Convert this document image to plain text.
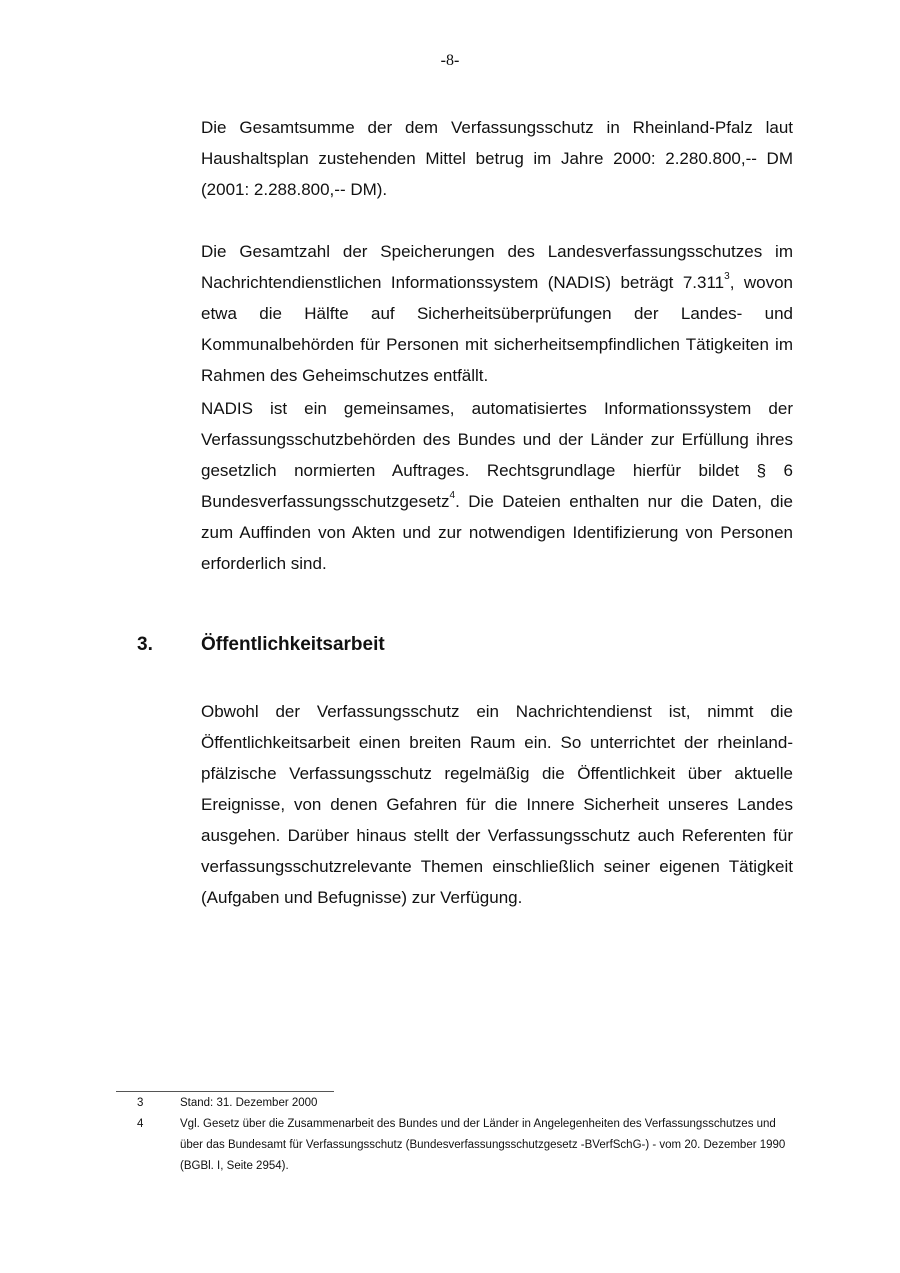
-8-

Die Gesamtsumme der dem Verfassungsschutz in Rheinland-Pfalz laut Haushaltsplan zustehenden Mittel betrug im Jahre 2000: 2.280.800,-- DM (2001: 2.288.800,-- DM).

Die Gesamtzahl der Speicherungen des Landesverfassungsschutzes im Nachrichtendienstlichen Informationssystem (NADIS) beträgt 7.311$^3$, wovon etwa die Hälfte auf Sicherheitsüberprüfungen der Landes- und Kommunalbehörden für Personen mit sicherheitsempfindlichen Tätigkeiten im Rahmen des Geheimschutzes entfällt.

NADIS ist ein gemeinsames, automatisiertes Informationssystem der Verfassungsschutzbehörden des Bundes und der Länder zur Erfüllung ihres gesetzlich normierten Auftrages. Rechtsgrundlage hierfür bildet § 6 Bundesverfassungsschutzgesetz$^4$. Die Dateien enthalten nur die Daten, die zum Auffinden von Akten und zur notwendigen Identifizierung von Personen erforderlich sind.

3.	Öffentlichkeitsarbeit

Obwohl der Verfassungsschutz ein Nachrichtendienst ist, nimmt die Öffentlichkeitsarbeit einen breiten Raum ein. So unterrichtet der rheinland-pfälzische Verfassungsschutz regelmäßig die Öffentlichkeit über aktuelle Ereignisse, von denen Gefahren für die Innere Sicherheit unseres Landes ausgehen. Darüber hinaus stellt der Verfassungsschutz auch Referenten für verfassungsschutzrelevante Themen einschließlich seiner eigenen Tätigkeit (Aufgaben und Befugnisse) zur Verfügung.

3	Stand: 31. Dezember 2000
4	Vgl. Gesetz über die Zusammenarbeit des Bundes und der Länder in Angelegenheiten des Verfassungsschutzes und über das Bundesamt für Verfassungsschutz (Bundesverfassungsschutzgesetz -BVerfSchG-) - vom 20. Dezember 1990 (BGBl. I, Seite 2954).
